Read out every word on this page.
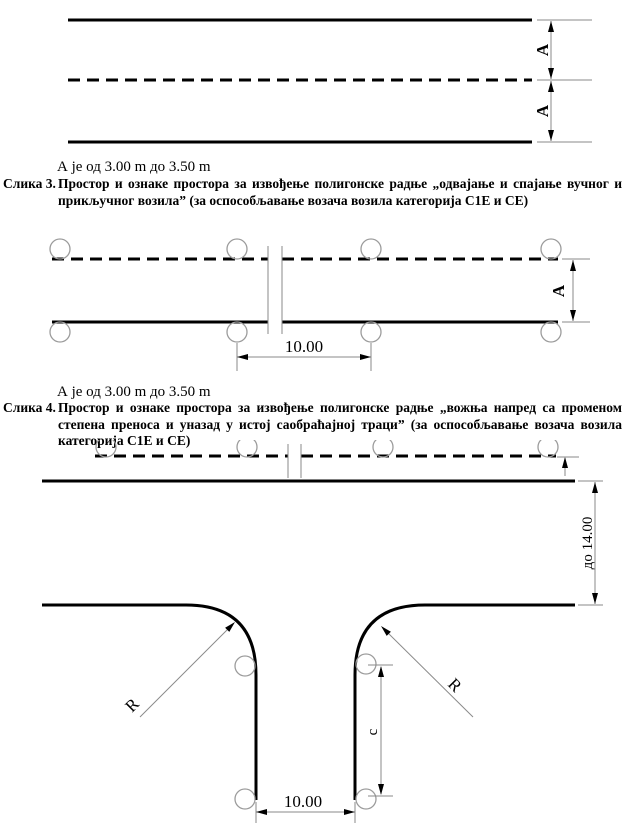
А
А
А је од 3.00 m до 3.50 m
Слика 3. Простор и ознаке простора за извођење полигонске радње „одвајање и спајање вучног и прикључног возила” (за оспособљавање возача возила категорија C1E и CE)
А
10.00
А је од 3.00 m до 3.50 m
Слика 4. Простор и ознаке простора за извођење полигонске радње „вожња напред са променом степена преноса и уназад у истој саобраћајној траци” (за оспособљавање возача возила категорија C1E и CE)
до 14.00
R
R
c
10.00
